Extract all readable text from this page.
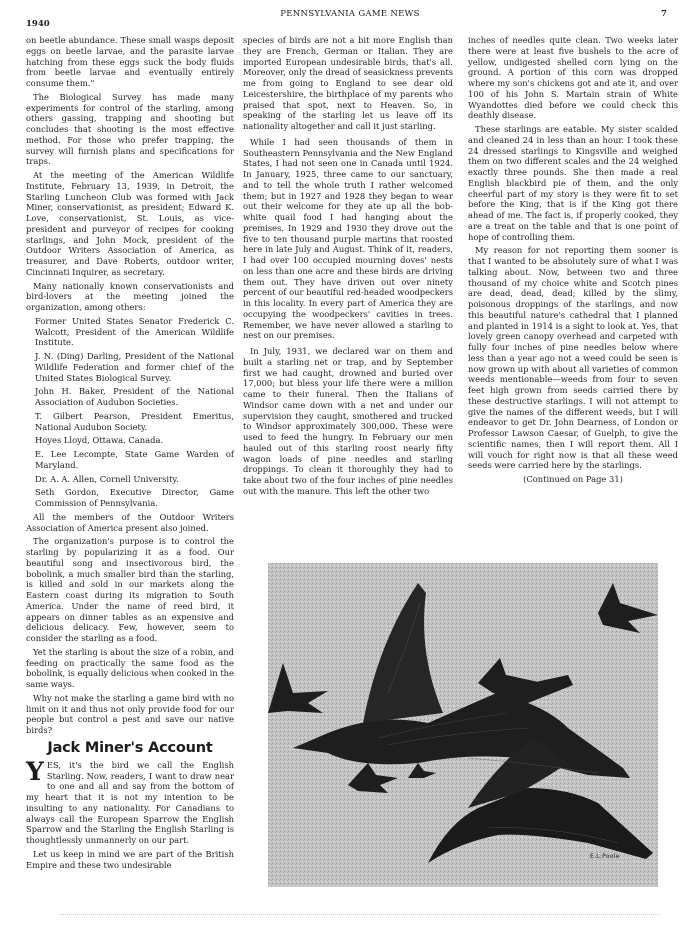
1940
PENNSYLVANIA GAME NEWS	7

on beetle abundance. These small wasps deposit eggs on beetle larvae, and the parasite larvae hatching from these eggs suck the body fluids from beetle larvae and eventually entirely consume them."

The Biological Survey has made many experiments for control of the starling, among others gassing, trapping and shooting but concludes that shooting is the most effective method. For those who prefer trapping, the survey will furnish plans and specifications for traps.

At the meeting of the American Wildlife Institute, February 13, 1939, in Detroit, the Starling Luncheon Club was formed with Jack Miner, conservationist, as president; Edward K. Love, conservationist, St. Louis, as vice-president and purveyor of recipes for cooking starlings, and John Mock, president of the Outdoor Writers Association of America, as treasurer, and Dave Roberts, outdoor writer, Cincinnati Inquirer, as secretary.

Many nationally known conservationists and bird-lovers at the meeting joined the organization, among others:

Former United States Senator Frederick C. Walcott, President of the American Wildlife Institute.

J. N. (Ding) Darling, President of the National Wildlife Federation and former chief of the United States Biological Survey.

John H. Baker, President of the National Association of Audubon Societies.

T. Gilbert Pearson, President Emeritus, National Audubon Society.

Hoyes Lloyd, Ottawa, Canada.

E. Lee Lecompte, State Game Warden of Maryland.

Dr. A. A. Allen, Cornell University.

Seth Gordon, Executive Director, Game Commission of Pennsylvania.

All the members of the Outdoor Writers Association of America present also joined.

The organization's purpose is to control the starling by popularizing it as a food. Our beautiful song and insectivorous bird, the bobolink, a much smaller bird than the starling, is killed and sold in our markets along the Eastern coast during its migration to South America. Under the name of reed bird, it appears on dinner tables as an expensive and delicious delicacy. Few, however, seem to consider the starling as a food.

Yet the starling is about the size of a robin, and feeding on practically the same food as the bobolink, is equally delicious when cooked in the same ways.

Why not make the starling a game bird with no limit on it and thus not only provide food for our people but control a pest and save our native birds?

Jack Miner's Account

YES, it's the bird we call the English Starling. Now, readers, I want to draw near to one and all and say from the bottom of my heart that it is not my intention to be insulting to any nationality. For Canadians to always call the European Sparrow the English Sparrow and the Starling the English Starling is thoughtlessly unmannerly on our part.

Let us keep in mind we are part of the British Empire and these two undesirable

species of birds are not a bit more English than they are French, German or Italian. They are imported European undesirable birds, that's all. Moreover, only the dread of seasickness prevents me from going to England to see dear old Leicestershire, the birthplace of my parents who praised that spot, next to Heaven. So, in speaking of the starling let us leave off its nationality altogether and call it just starling.

While I had seen thousands of them in Southeastern Pennsylvania and the New England States, I had not seen one in Canada until 1924. In January, 1925, three came to our sanctuary, and to tell the whole truth I rather welcomed them; but in 1927 and 1928 they began to wear out their welcome for they ate up all the bob-white quail food I had hanging about the premises. In 1929 and 1930 they drove out the five to ten thousand purple martins that roosted here in late July and August. Think of it, readers, I had over 100 occupied mourning doves' nests on less than one acre and these birds are driving them out. They have driven out over ninety percent of our beautiful red-headed woodpeckers in this locality. In every part of America they are occupying the woodpeckers' cavities in trees. Remember, we have never allowed a starling to nest on our premises.

In July, 1931, we declared war on them and built a starling net or trap, and by September first we had caught, drowned and buried over 17,000; but bless your life there were a million came to their funeral. Then the Italians of Windsor came down with a net and under our supervision they caught, smothered and trucked to Windsor approximately 300,000. These were used to feed the hungry. In February our men hauled out of this starling roost nearly fifty wagon loads of pine needles and starling droppings. To clean it thoroughly they had to take about two of the four inches of pine needles out with the manure. This left the other two

inches of needles quite clean. Two weeks later there were at least five bushels to the acre of yellow, undigested shelled corn lying on the ground. A portion of this corn was dropped where my son's chickens got and ate it, and over 100 of his John S. Martain strain of White Wyandottes died before we could check this deathly disease.

These starlings are eatable. My sister scalded and cleaned 24 in less than an hour. I took these 24 dressed starlings to Kingsville and weighed them on two different scales and the 24 weighed exactly three pounds. She then made a real English blackbird pie of them, and the only cheerful part of my story is they were fit to set before the King, that is if the King got there ahead of me. The fact is, if properly cooked, they are a treat on the table and that is one point of hope of controlling them.

My reason for not reporting them sooner is that I wanted to be absolutely sure of what I was talking about. Now, between two and three thousand of my choice white and Scotch pines are dead, dead, dead; killed by the slimy, poisonous droppings of the starlings, and now this beautiful nature's cathedral that I planned and planted in 1914 is a sight to look at. Yes, that lovely green canopy overhead and carpeted with fully four inches of pine needles below where less than a year ago not a weed could be seen is now grown up with about all varieties of common weeds mentionable—weeds from four to seven feet high grown from seeds carried there by these destructive starlings. I will not attempt to give the names of the different weeds, but I will endeavor to get Dr. John Dearness, of London or Professor Lawson Caesar, of Guelph, to give the scientific names, then I will report them. All I will vouch for right now is that all these weed seeds were carried here by the starlings.

(Continued on Page 31)

E.L.Poole
